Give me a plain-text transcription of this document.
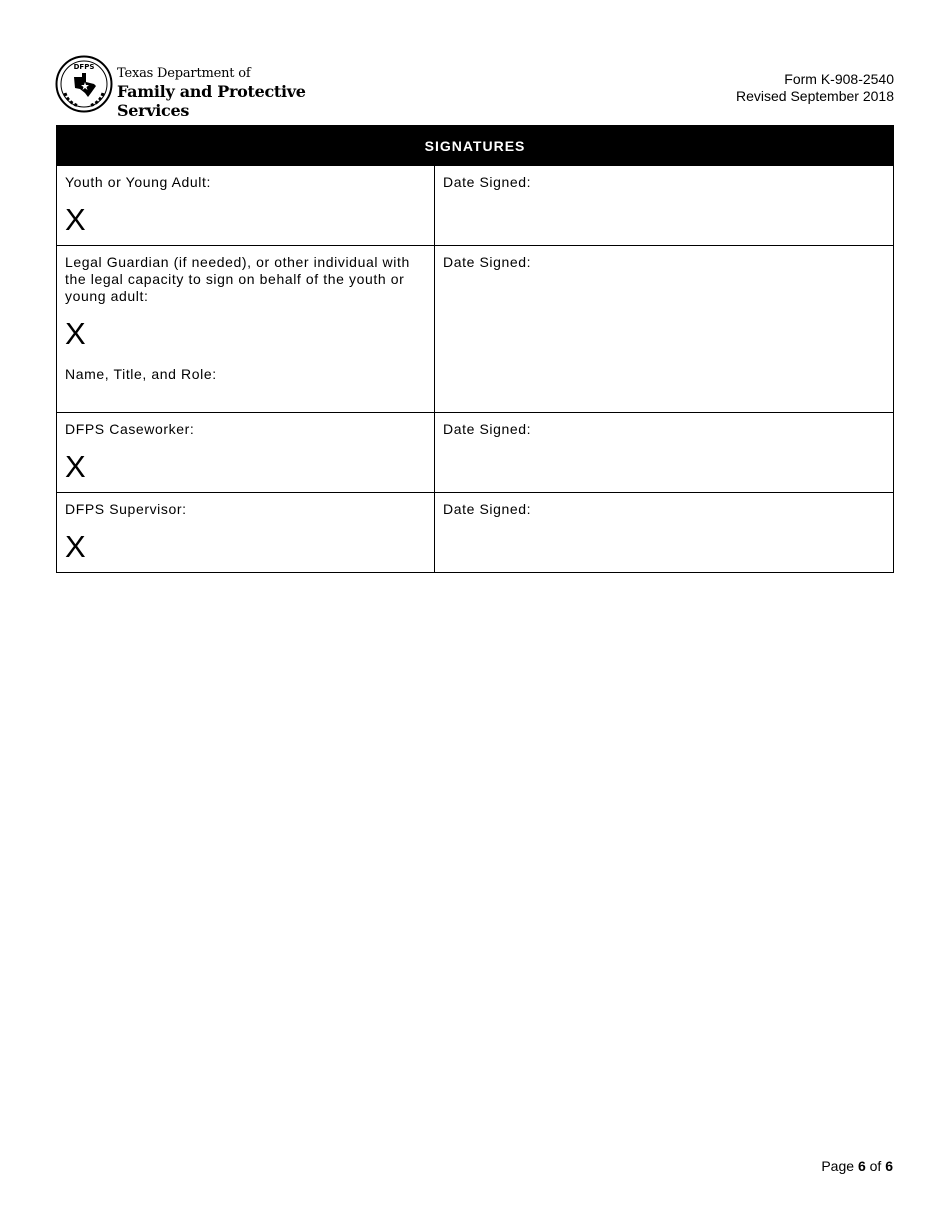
DFPS Texas Department of
Family and Protective Services
Form K-908-2540
Revised September 2018
SIGNATURES	
Youth or Young Adult:
X	Date Signed:
Legal Guardian (if needed), or other individual with the legal capacity to sign on behalf of the youth or young adult:
X
Name, Title, and Role:	Date Signed:
DFPS Caseworker:
X	Date Signed:
DFPS Supervisor:
X	Date Signed:
Page 6 of 6
